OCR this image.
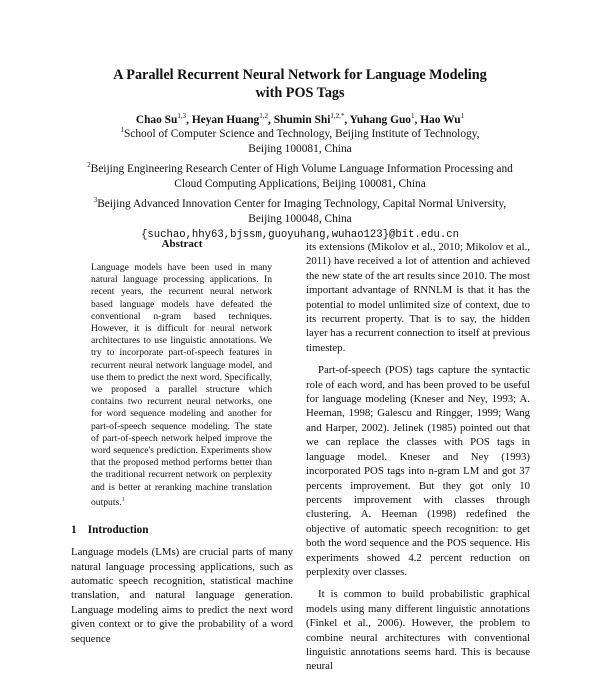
A Parallel Recurrent Neural Network for Language Modeling
with POS Tags
Chao Su$^{1,3}$, Heyan Huang$^{1,2}$, Shumin Shi$^{1,2,*}$, Yuhang Guo$^1$, Hao Wu$^1$
$^1$School of Computer Science and Technology, Beijing Institute of Technology,
Beijing 100081, China
$^2$Beijing Engineering Research Center of High Volume Language Information Processing and
Cloud Computing Applications, Beijing 100081, China
$^3$Beijing Advanced Innovation Center for Imaging Technology, Capital Normal University,
Beijing 100048, China
{suchao,hhy63,bjssm,guoyuhang,wuhao123}@bit.edu.cn
Abstract

Language models have been used in many natural language processing applications. In recent years, the recurrent neural network based language models have defeated the conventional n-gram based techniques. However, it is difficult for neural network architectures to use linguistic annotations. We try to incorporate part-of-speech features in recurrent neural network language model, and use them to predict the next word. Specifically, we proposed a parallel structure which contains two recurrent neural networks, one for word sequence modeling and another for part-of-speech sequence modeling. The state of part-of-speech network helped improve the word sequence's prediction. Experiments show that the proposed method performs better than the traditional recurrent network on perplexity and is better at reranking machine translation outputs.$^1$

1 Introduction

Language models (LMs) are crucial parts of many natural language processing applications, such as automatic speech recognition, statistical machine translation, and natural language generation. Language modeling aims to predict the next word given context or to give the probability of a word sequence

its extensions (Mikolov et al., 2010; Mikolov et al., 2011) have received a lot of attention and achieved the new state of the art results since 2010. The most important advantage of RNNLM is that it has the potential to model unlimited size of context, due to its recurrent property. That is to say, the hidden layer has a recurrent connection to itself at previous timestep.

Part-of-speech (POS) tags capture the syntactic role of each word, and has been proved to be useful for language modeling (Kneser and Ney, 1993; A. Heeman, 1998; Galescu and Ringger, 1999; Wang and Harper, 2002). Jelinek (1985) pointed out that we can replace the classes with POS tags in language model. Kneser and Ney (1993) incorporated POS tags into n-gram LM and got 37 percents improvement. But they got only 10 percents improvement with classes through clustering. A. Heeman (1998) redefined the objective of automatic speech recognition: to get both the word sequence and the POS sequence. His experiments showed 4.2 percent reduction on perplexity over classes.

It is common to build probabilistic graphical models using many different linguistic annotations (Finkel et al., 2006). However, the problem to combine neural architectures with conventional linguistic annotations seems hard. This is because neural
